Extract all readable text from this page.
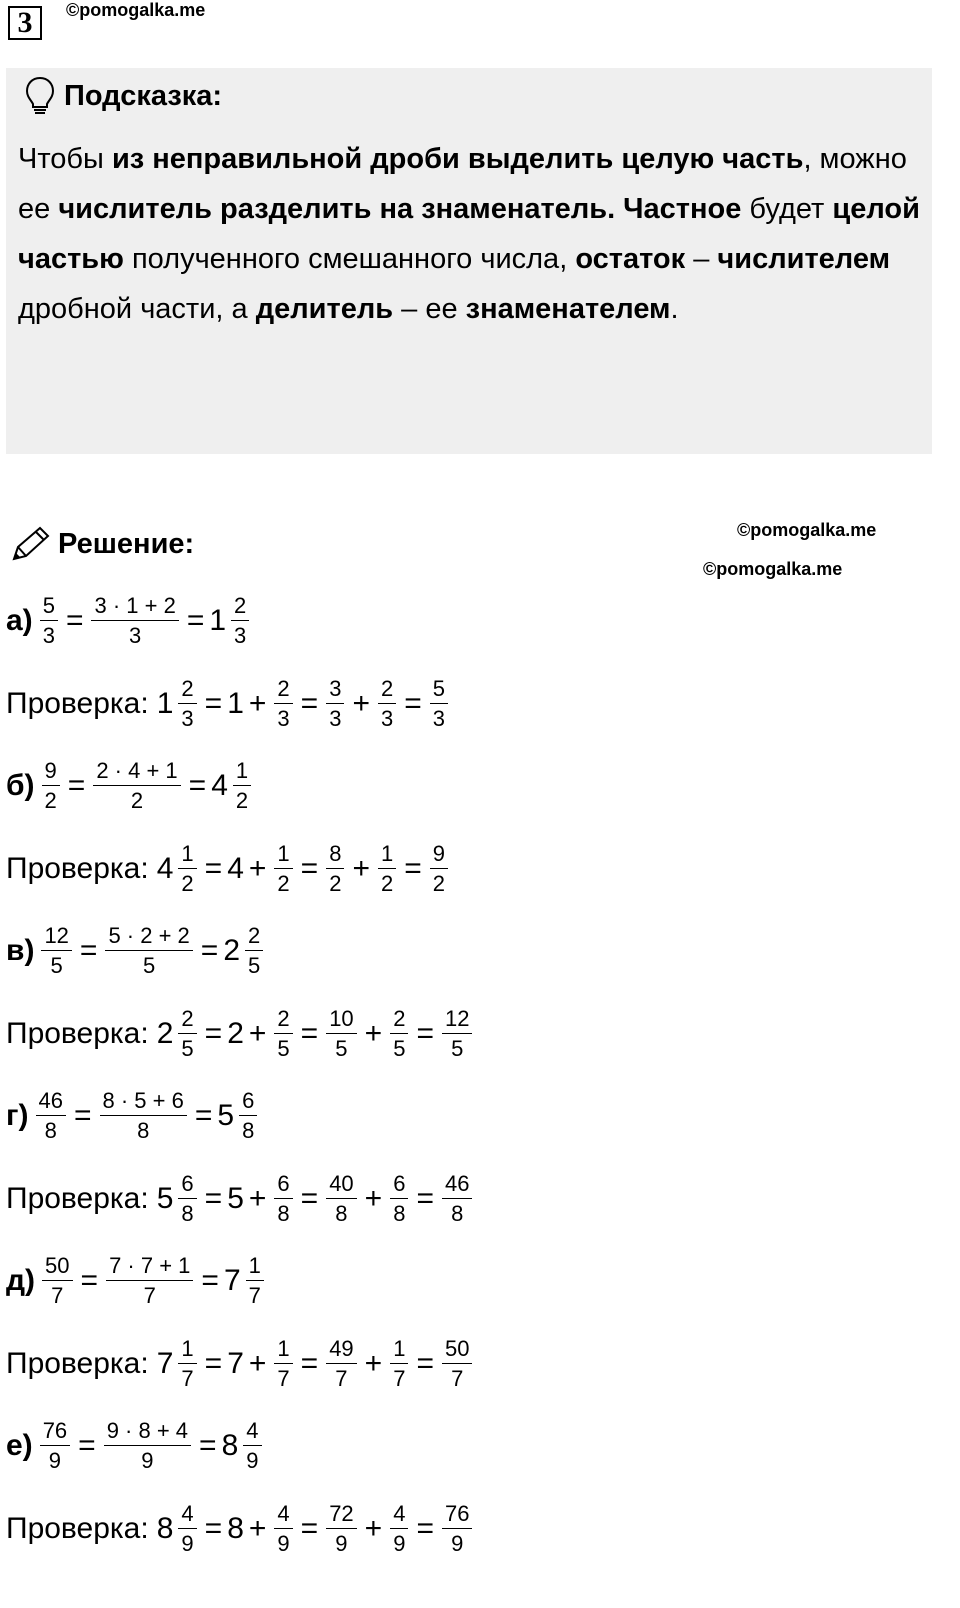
3	©pomogalka.me
Подсказка:
Чтобы из неправильной дроби выделить целую часть, можно ее числитель разделить на знаменатель. Частное будет целой частью полученного смешанного числа, остаток – числителем дробной части, а делитель – ее знаменателем.
Решение:	©pomogalka.me
©pomogalka.me
$а) \frac{5}{3} = \frac{3 \cdot 1 + 2}{3} = 1 \frac{2}{3}$
Проверка: $1 \frac{2}{3} = 1 + \frac{2}{3} = \frac{3}{3} + \frac{2}{3} = \frac{5}{3}$
$б) \frac{9}{2} = \frac{2 \cdot 4 + 1}{2} = 4 \frac{1}{2}$
Проверка: $4 \frac{1}{2} = 4 + \frac{1}{2} = \frac{8}{2} + \frac{1}{2} = \frac{9}{2}$
$в) \frac{12}{5} = \frac{5 \cdot 2 + 2}{5} = 2 \frac{2}{5}$
Проверка: $2 \frac{2}{5} = 2 + \frac{2}{5} = \frac{10}{5} + \frac{2}{5} = \frac{12}{5}$
$г) \frac{46}{8} = \frac{8 \cdot 5 + 6}{8} = 5 \frac{6}{8}$
Проверка: $5 \frac{6}{8} = 5 + \frac{6}{8} = \frac{40}{8} + \frac{6}{8} = \frac{46}{8}$
$д) \frac{50}{7} = \frac{7 \cdot 7 + 1}{7} = 7 \frac{1}{7}$
Проверка: $7 \frac{1}{7} = 7 + \frac{1}{7} = \frac{49}{7} + \frac{1}{7} = \frac{50}{7}$
$е) \frac{76}{9} = \frac{9 \cdot 8 + 4}{9} = 8 \frac{4}{9}$
Проверка: $8 \frac{4}{9} = 8 + \frac{4}{9} = \frac{72}{9} + \frac{4}{9} = \frac{76}{9}$
